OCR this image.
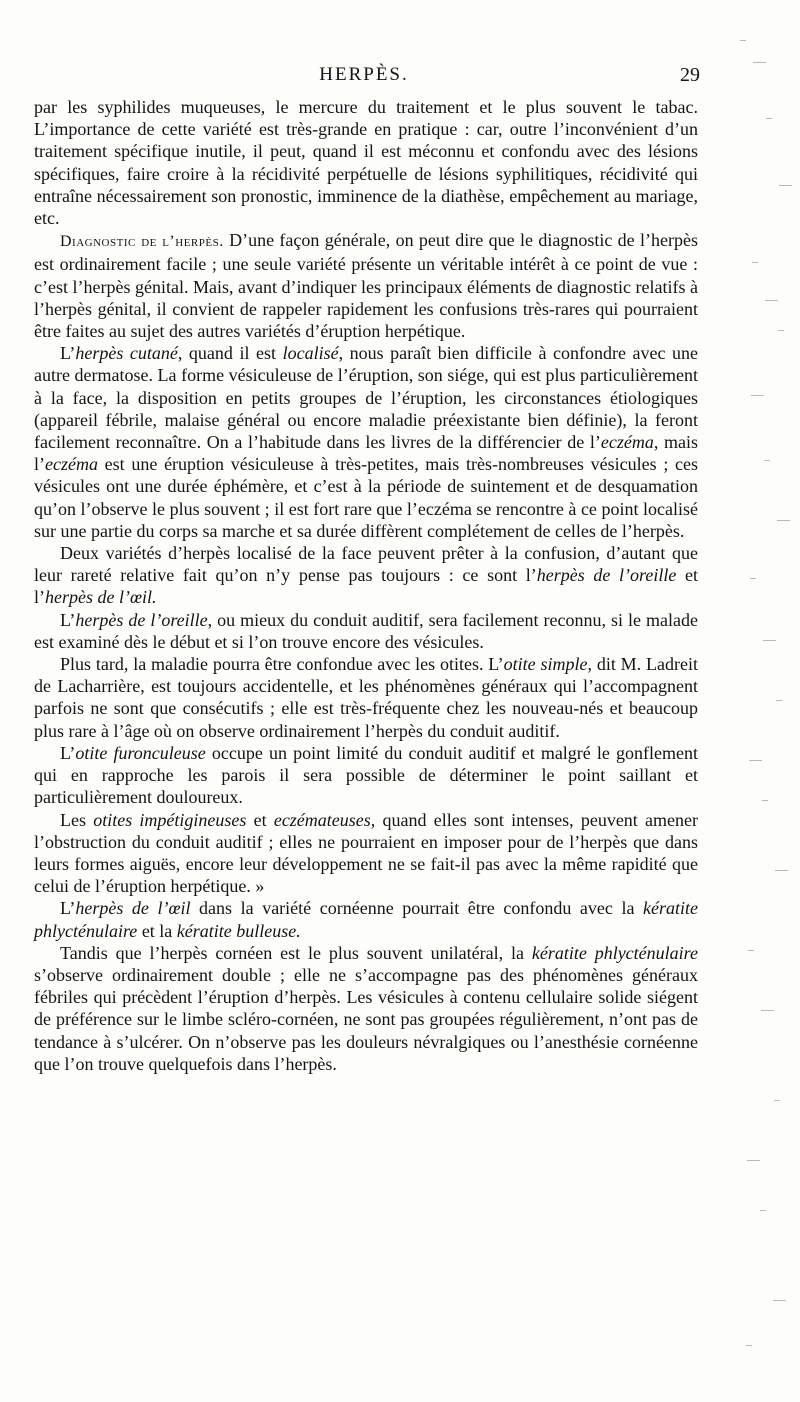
HERPÈS.	29

par les syphilides muqueuses, le mercure du traitement et le plus souvent le tabac. L’importance de cette variété est très-grande en pratique : car, outre l’inconvénient d’un traitement spécifique inutile, il peut, quand il est méconnu et confondu avec des lésions spécifiques, faire croire à la récidivité perpétuelle de lésions syphilitiques, récidivité qui entraîne nécessairement son pronostic, imminence de la diathèse, empêchement au mariage, etc.

Diagnostic de l’herpès. D’une façon générale, on peut dire que le diagnostic de l’herpès est ordinairement facile ; une seule variété présente un véritable intérêt à ce point de vue : c’est l’herpès génital. Mais, avant d’indiquer les principaux éléments de diagnostic relatifs à l’herpès génital, il convient de rappeler rapidement les confusions très-rares qui pourraient être faites au sujet des autres variétés d’éruption herpétique.

L’herpès cutané, quand il est localisé, nous paraît bien difficile à confondre avec une autre dermatose. La forme vésiculeuse de l’éruption, son siége, qui est plus particulièrement à la face, la disposition en petits groupes de l’éruption, les circonstances étiologiques (appareil fébrile, malaise général ou encore maladie préexistante bien définie), la feront facilement reconnaître. On a l’habitude dans les livres de la différencier de l’eczéma, mais l’eczéma est une éruption vésiculeuse à très-petites, mais très-nombreuses vésicules ; ces vésicules ont une durée éphémère, et c’est à la période de suintement et de desquamation qu’on l’observe le plus souvent ; il est fort rare que l’eczéma se rencontre à ce point localisé sur une partie du corps sa marche et sa durée diffèrent complétement de celles de l’herpès.

Deux variétés d’herpès localisé de la face peuvent prêter à la confusion, d’autant que leur rareté relative fait qu’on n’y pense pas toujours : ce sont l’herpès de l’oreille et l’herpès de l’œil.

L’herpès de l’oreille, ou mieux du conduit auditif, sera facilement reconnu, si le malade est examiné dès le début et si l’on trouve encore des vésicules.

Plus tard, la maladie pourra être confondue avec les otites. L’otite simple, dit M. Ladreit de Lacharrière, est toujours accidentelle, et les phénomènes généraux qui l’accompagnent parfois ne sont que consécutifs ; elle est très-fréquente chez les nouveau-nés et beaucoup plus rare à l’âge où on observe ordinairement l’herpès du conduit auditif.

L’otite furonculeuse occupe un point limité du conduit auditif et malgré le gonflement qui en rapproche les parois il sera possible de déterminer le point saillant et particulièrement douloureux.

Les otites impétigineuses et eczémateuses, quand elles sont intenses, peuvent amener l’obstruction du conduit auditif ; elles ne pourraient en imposer pour de l’herpès que dans leurs formes aiguës, encore leur développement ne se fait-il pas avec la même rapidité que celui de l’éruption herpétique. »

L’herpès de l’œil dans la variété cornéenne pourrait être confondu avec la kératite phlycténulaire et la kératite bulleuse.

Tandis que l’herpès cornéen est le plus souvent unilatéral, la kératite phlycténulaire s’observe ordinairement double ; elle ne s’accompagne pas des phénomènes généraux fébriles qui précèdent l’éruption d’herpès. Les vésicules à contenu cellulaire solide siégent de préférence sur le limbe scléro-cornéen, ne sont pas groupées régulièrement, n’ont pas de tendance à s’ulcérer. On n’observe pas les douleurs névralgiques ou l’anesthésie cornéenne que l’on trouve quelquefois dans l’herpès.
